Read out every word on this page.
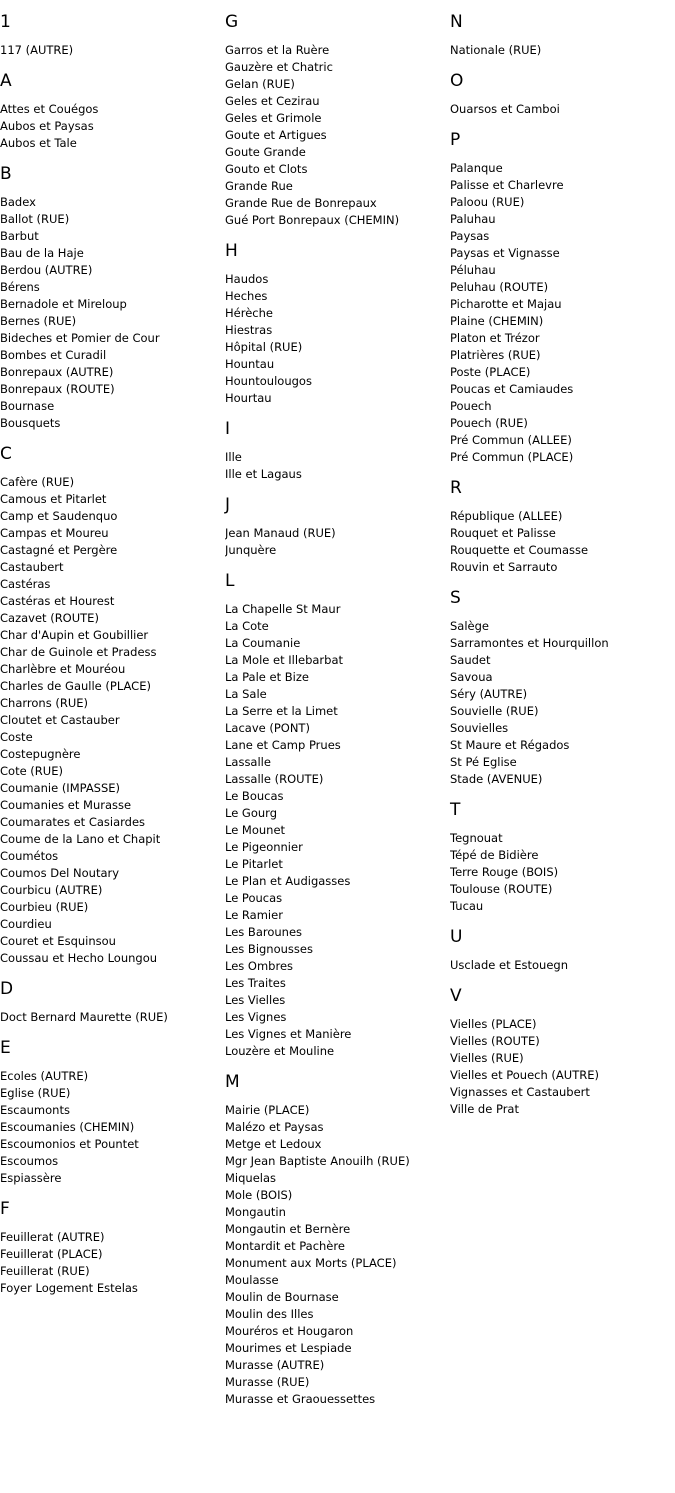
1
117 (AUTRE)
A
Attes et Couégos
Aubos et Paysas
Aubos et Tale
B
Badex
Ballot (RUE)
Barbut
Bau de la Haje
Berdou (AUTRE)
Bérens
Bernadole et Mireloup
Bernes (RUE)
Bideches et Pomier de Cour
Bombes et Curadil
Bonrepaux (AUTRE)
Bonrepaux (ROUTE)
Bournase
Bousquets
C
Cafère (RUE)
Camous et Pitarlet
Camp et Saudenquo
Campas et Moureu
Castagné et Pergère
Castaubert
Castéras
Castéras et Hourest
Cazavet (ROUTE)
Char d'Aupin et Goubillier
Char de Guinole et Pradess
Charlèbre et Mouréou
Charles de Gaulle (PLACE)
Charrons (RUE)
Cloutet et Castauber
Coste
Costepugnère
Cote (RUE)
Coumanie (IMPASSE)
Coumanies et Murasse
Coumarates et Casiardes
Coume de la Lano et Chapit
Coumétos
Coumos Del Noutary
Courbicu (AUTRE)
Courbieu (RUE)
Courdieu
Couret et Esquinsou
Coussau et Hecho Loungou
D
Doct Bernard Maurette (RUE)
E
Ecoles (AUTRE)
Eglise (RUE)
Escaumonts
Escoumanies (CHEMIN)
Escoumonios et Pountet
Escoumos
Espiassère
F
Feuillerat (AUTRE)
Feuillerat (PLACE)
Feuillerat (RUE)
Foyer Logement Estelas
G
Garros et la Ruère
Gauzère et Chatric
Gelan (RUE)
Geles et Cezirau
Geles et Grimole
Goute et Artigues
Goute Grande
Gouto et Clots
Grande Rue
Grande Rue de Bonrepaux
Gué Port Bonrepaux (CHEMIN)
H
Haudos
Heches
Hérèche
Hiestras
Hôpital (RUE)
Hountau
Hountoulougos
Hourtau
I
Ille
Ille et Lagaus
J
Jean Manaud (RUE)
Junquère
L
La Chapelle St Maur
La Cote
La Coumanie
La Mole et Illebarbat
La Pale et Bize
La Sale
La Serre et la Limet
Lacave (PONT)
Lane et Camp Prues
Lassalle
Lassalle (ROUTE)
Le Boucas
Le Gourg
Le Mounet
Le Pigeonnier
Le Pitarlet
Le Plan et Audigasses
Le Poucas
Le Ramier
Les Barounes
Les Bignousses
Les Ombres
Les Traites
Les Vielles
Les Vignes
Les Vignes et Manière
Louzère et Mouline
M
Mairie (PLACE)
Malézo et Paysas
Metge et Ledoux
Mgr Jean Baptiste Anouilh (RUE)
Miquelas
Mole (BOIS)
Mongautin
Mongautin et Bernère
Montardit et Pachère
Monument aux Morts (PLACE)
Moulasse
Moulin de Bournase
Moulin des Illes
Mouréros et Hougaron
Mourimes et Lespiade
Murasse (AUTRE)
Murasse (RUE)
Murasse et Graouessettes
N
Nationale (RUE)
O
Ouarsos et Camboi
P
Palanque
Palisse et Charlevre
Paloou (RUE)
Paluhau
Paysas
Paysas et Vignasse
Péluhau
Peluhau (ROUTE)
Picharotte et Majau
Plaine (CHEMIN)
Platon et Trézor
Platrières (RUE)
Poste (PLACE)
Poucas et Camiaudes
Pouech
Pouech (RUE)
Pré Commun (ALLEE)
Pré Commun (PLACE)
R
République (ALLEE)
Rouquet et Palisse
Rouquette et Coumasse
Rouvin et Sarrauto
S
Salège
Sarramontes et Hourquillon
Saudet
Savoua
Séry (AUTRE)
Souvielle (RUE)
Souvielles
St Maure et Régados
St Pé Eglise
Stade (AVENUE)
T
Tegnouat
Tépé de Bidière
Terre Rouge (BOIS)
Toulouse (ROUTE)
Tucau
U
Usclade et Estouegn
V
Vielles (PLACE)
Vielles (ROUTE)
Vielles (RUE)
Vielles et Pouech (AUTRE)
Vignasses et Castaubert
Ville de Prat
